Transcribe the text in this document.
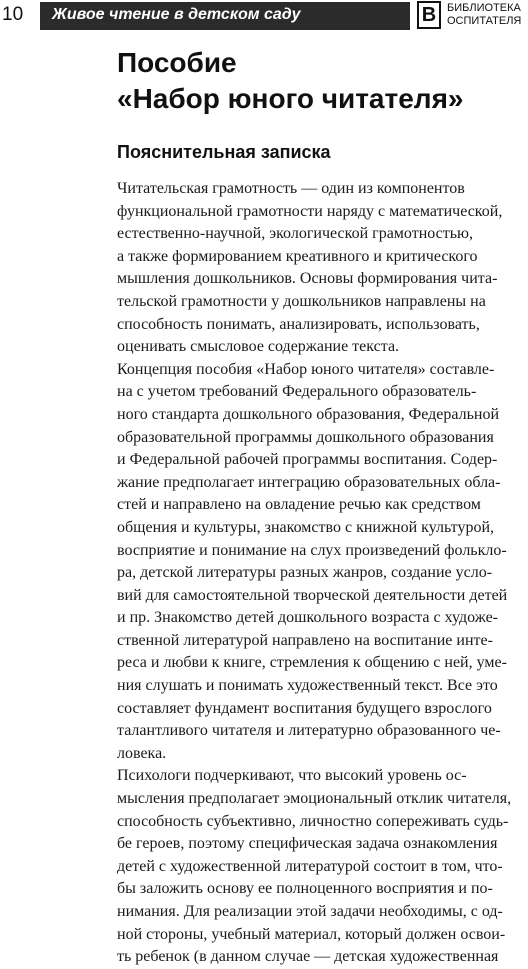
10 Живое чтение в детском саду	В БИБЛИОТЕКА
ОСПИТАТЕЛЯ
Пособие
«Набор юного читателя»
Пояснительная записка
Читательская грамотность — один из компонентов
функциональной грамотности наряду с математической,
естественно-научной, экологической грамотностью,
а также формированием креативного и критического
мышления дошкольников. Основы формирования чита-
тельской грамотности у дошкольников направлены на
способность понимать, анализировать, использовать,
оценивать смысловое содержание текста.
Концепция пособия «Набор юного читателя» составле-
на с учетом требований Федерального образователь-
ного стандарта дошкольного образования, Федеральной
образовательной программы дошкольного образования
и Федеральной рабочей программы воспитания. Содер-
жание предполагает интеграцию образовательных обла-
стей и направлено на овладение речью как средством
общения и культуры, знакомство с книжной культурой,
восприятие и понимание на слух произведений фолькло-
ра, детской литературы разных жанров, создание усло-
вий для самостоятельной творческой деятельности детей
и пр. Знакомство детей дошкольного возраста с художе-
ственной литературой направлено на воспитание инте-
реса и любви к книге, стремления к общению с ней, уме-
ния слушать и понимать художественный текст. Все это
составляет фундамент воспитания будущего взрослого
талантливого читателя и литературно образованного че-
ловека.
Психологи подчеркивают, что высокий уровень ос-
мысления предполагает эмоциональный отклик читателя,
способность субъективно, личностно сопереживать судь-
бе героев, поэтому специфическая задача ознакомления
детей с художественной литературой состоит в том, что-
бы заложить основу ее полноценного восприятия и по-
нимания. Для реализации этой задачи необходимы, с од-
ной стороны, учебный материал, который должен освои-
ть ребенок (в данном случае — детская художественная
